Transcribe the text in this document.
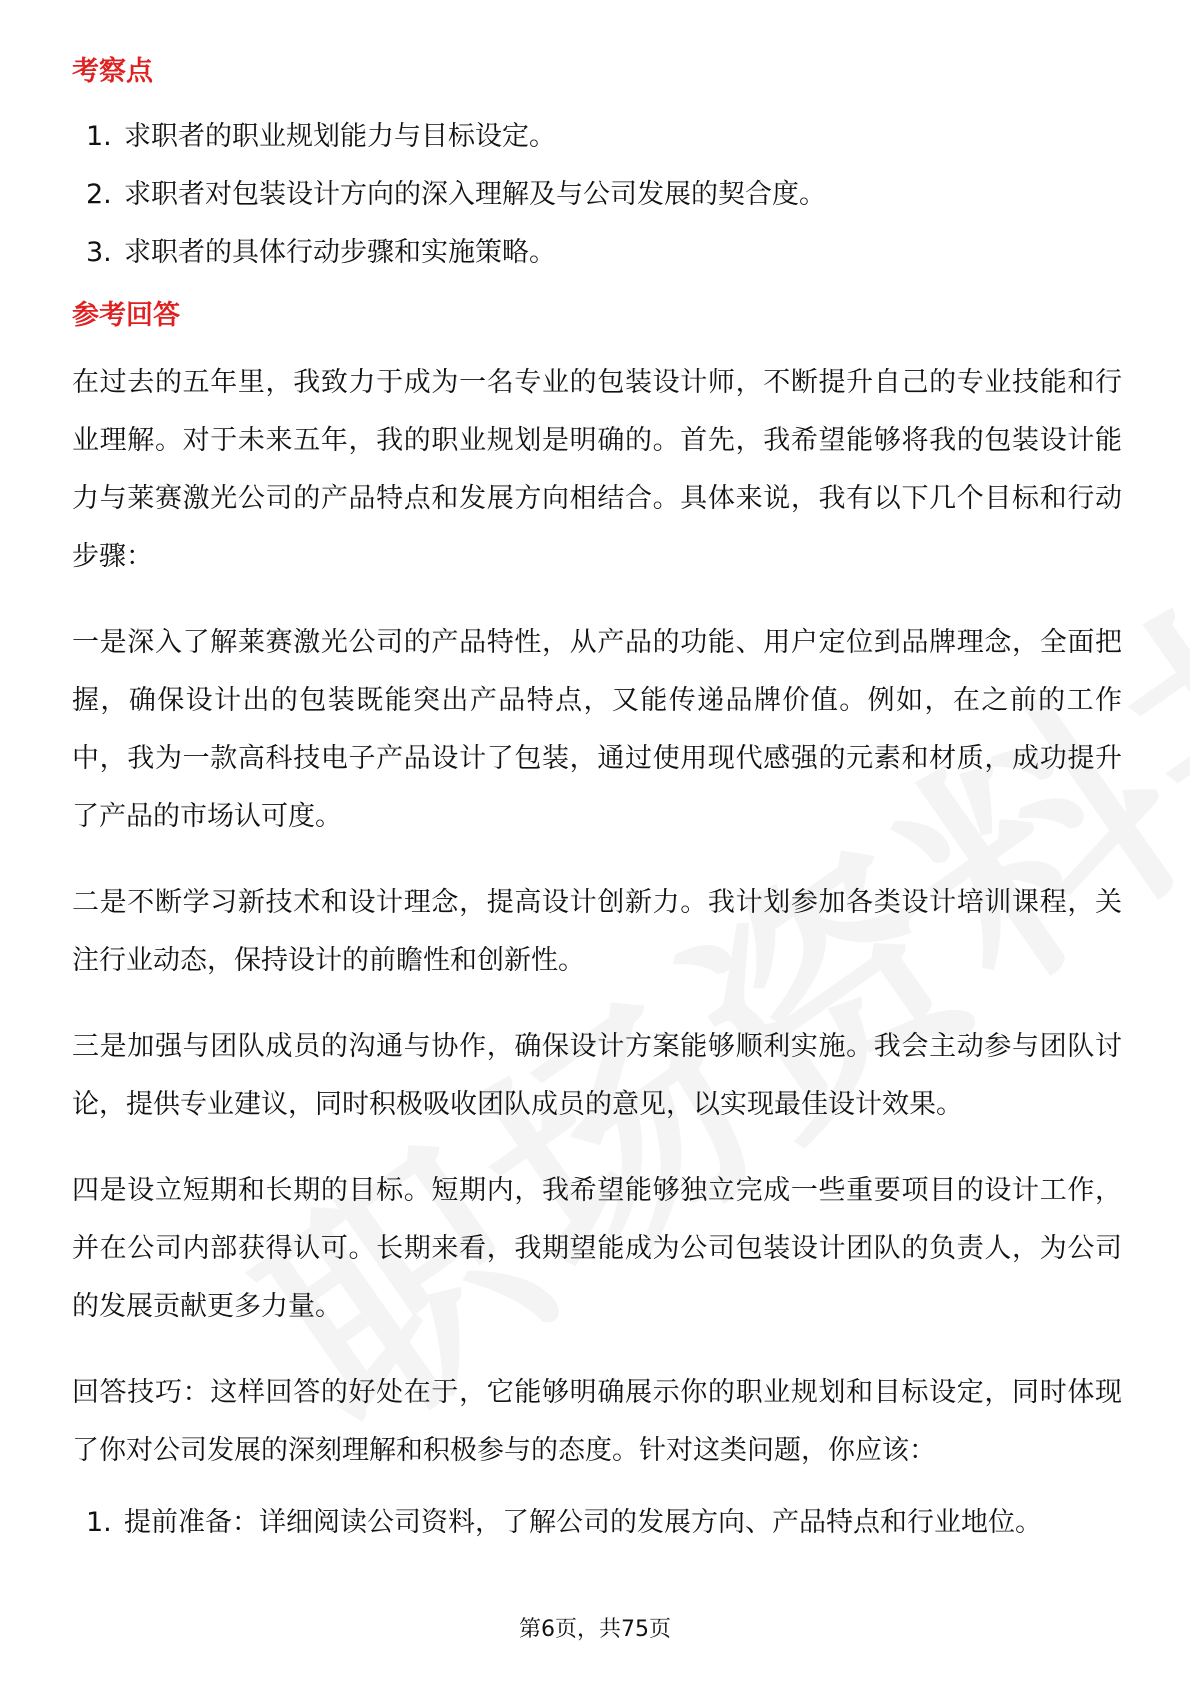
考察点
1. 求职者的职业规划能力与目标设定。
2. 求职者对包装设计方向的深入理解及与公司发展的契合度。
3. 求职者的具体行动步骤和实施策略。
参考回答

在过去的五年里，我致力于成为一名专业的包装设计师，不断提升自己的专业技能和行业理解。对于未来五年，我的职业规划是明确的。首先，我希望能够将我的包装设计能力与莱赛激光公司的产品特点和发展方向相结合。具体来说，我有以下几个目标和行动步骤：

一是深入了解莱赛激光公司的产品特性，从产品的功能、用户定位到品牌理念，全面把握，确保设计出的包装既能突出产品特点，又能传递品牌价值。例如，在之前的工作中，我为一款高科技电子产品设计了包装，通过使用现代感强的元素和材质，成功提升了产品的市场认可度。

二是不断学习新技术和设计理念，提高设计创新力。我计划参加各类设计培训课程，关注行业动态，保持设计的前瞻性和创新性。

三是加强与团队成员的沟通与协作，确保设计方案能够顺利实施。我会主动参与团队讨论，提供专业建议，同时积极吸收团队成员的意见，以实现最佳设计效果。

四是设立短期和长期的目标。短期内，我希望能够独立完成一些重要项目的设计工作，并在公司内部获得认可。长期来看，我期望能成为公司包装设计团队的负责人，为公司的发展贡献更多力量。

回答技巧：这样回答的好处在于，它能够明确展示你的职业规划和目标设定，同时体现了你对公司发展的深刻理解和积极参与的态度。针对这类问题，你应该：

1. 提前准备：详细阅读公司资料，了解公司的发展方向、产品特点和行业地位。
第6页，共75页
